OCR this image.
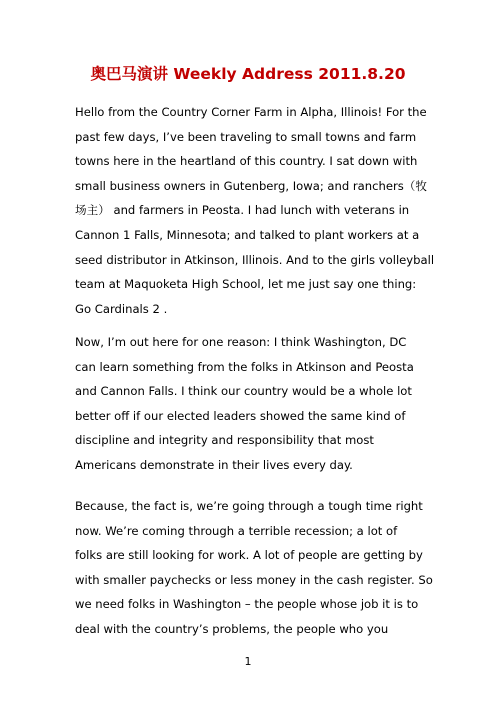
奥巴马演讲 Weekly Address 2011.8.20
Hello from the Country Corner Farm in Alpha, Illinois! For the
past few days, I’ve been traveling to small towns and farm
towns here in the heartland of this country. I sat down with
small business owners in Gutenberg, Iowa; and ranchers（牧
场主） and farmers in Peosta. I had lunch with veterans in
Cannon 1 Falls, Minnesota; and talked to plant workers at a
seed distributor in Atkinson, Illinois. And to the girls volleyball
team at Maquoketa High School, let me just say one thing:
Go Cardinals 2 .
Now, I’m out here for one reason: I think Washington, DC
can learn something from the folks in Atkinson and Peosta
and Cannon Falls. I think our country would be a whole lot
better off if our elected leaders showed the same kind of
discipline and integrity and responsibility that most
Americans demonstrate in their lives every day.
Because, the fact is, we’re going through a tough time right
now. We’re coming through a terrible recession; a lot of
folks are still looking for work. A lot of people are getting by
with smaller paychecks or less money in the cash register. So
we need folks in Washington – the people whose job it is to
deal with the country’s problems, the people who you
1
